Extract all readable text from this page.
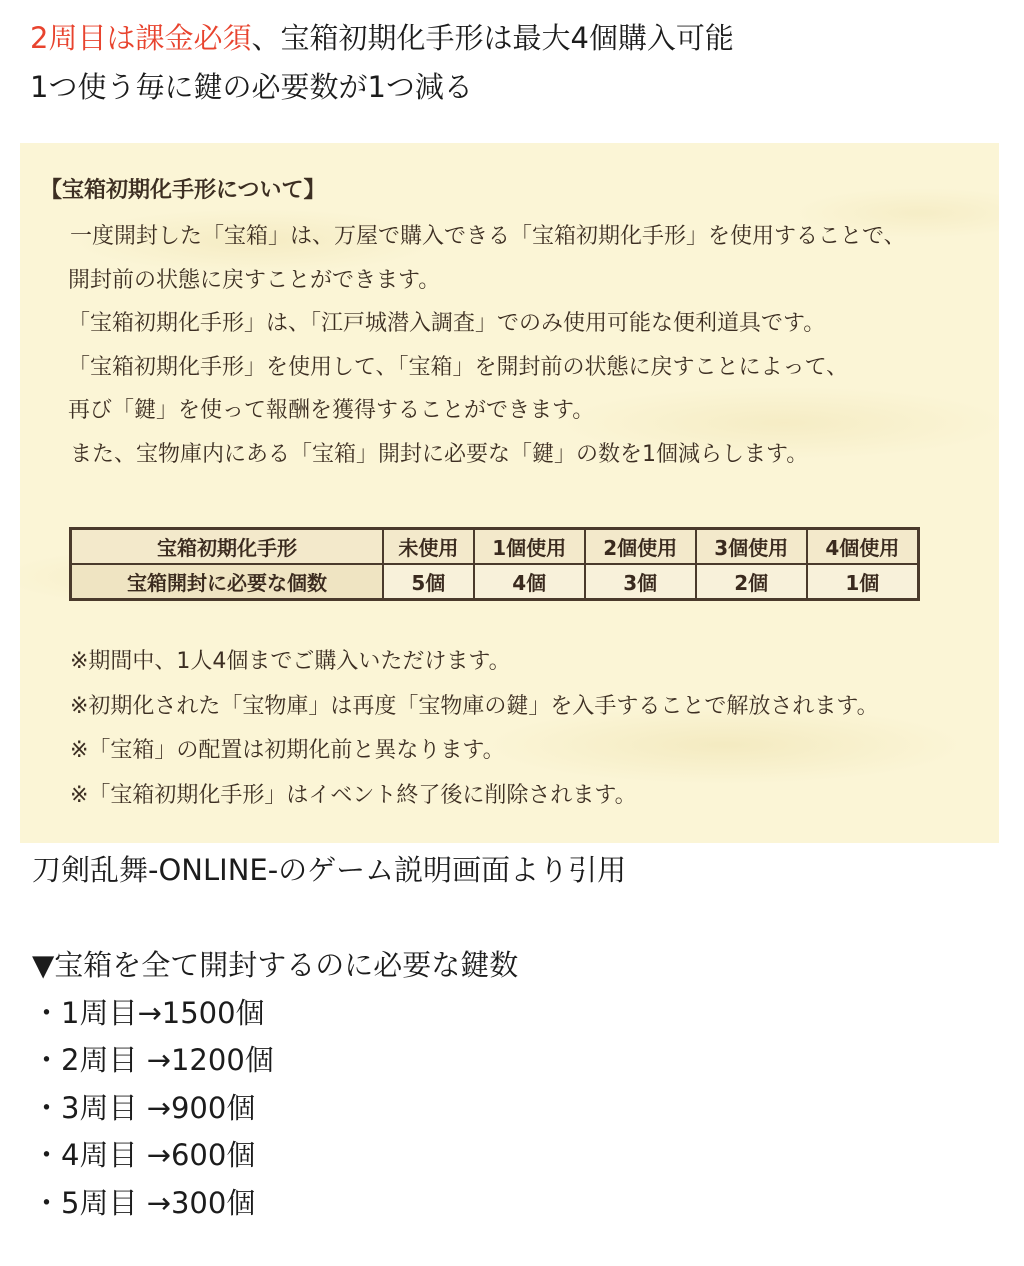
2周目は課金必須、宝箱初期化手形は最大4個購入可能

1つ使う毎に鍵の必要数が1つ減る

【宝箱初期化手形について】

一度開封した「宝箱」は、万屋で購入できる「宝箱初期化手形」を使用することで、

開封前の状態に戻すことができます。

「宝箱初期化手形」は、「江戸城潜入調査」でのみ使用可能な便利道具です。

「宝箱初期化手形」を使用して、「宝箱」を開封前の状態に戻すことによって、

再び「鍵」を使って報酬を獲得することができます。

また、宝物庫内にある「宝箱」開封に必要な「鍵」の数を1個減らします。

宝箱初期化手形	未使用	1個使用	2個使用	3個使用	4個使用
宝箱開封に必要な個数	5個	4個	3個	2個	1個

※期間中、1人4個までご購入いただけます。

※初期化された「宝物庫」は再度「宝物庫の鍵」を入手することで解放されます。

※「宝箱」の配置は初期化前と異なります。

※「宝箱初期化手形」はイベント終了後に削除されます。

刀剣乱舞-ONLINE-のゲーム説明画面より引用

▼宝箱を全て開封するのに必要な鍵数

・1周目→1500個

・2周目 →1200個

・3周目 →900個

・4周目 →600個

・5周目 →300個
